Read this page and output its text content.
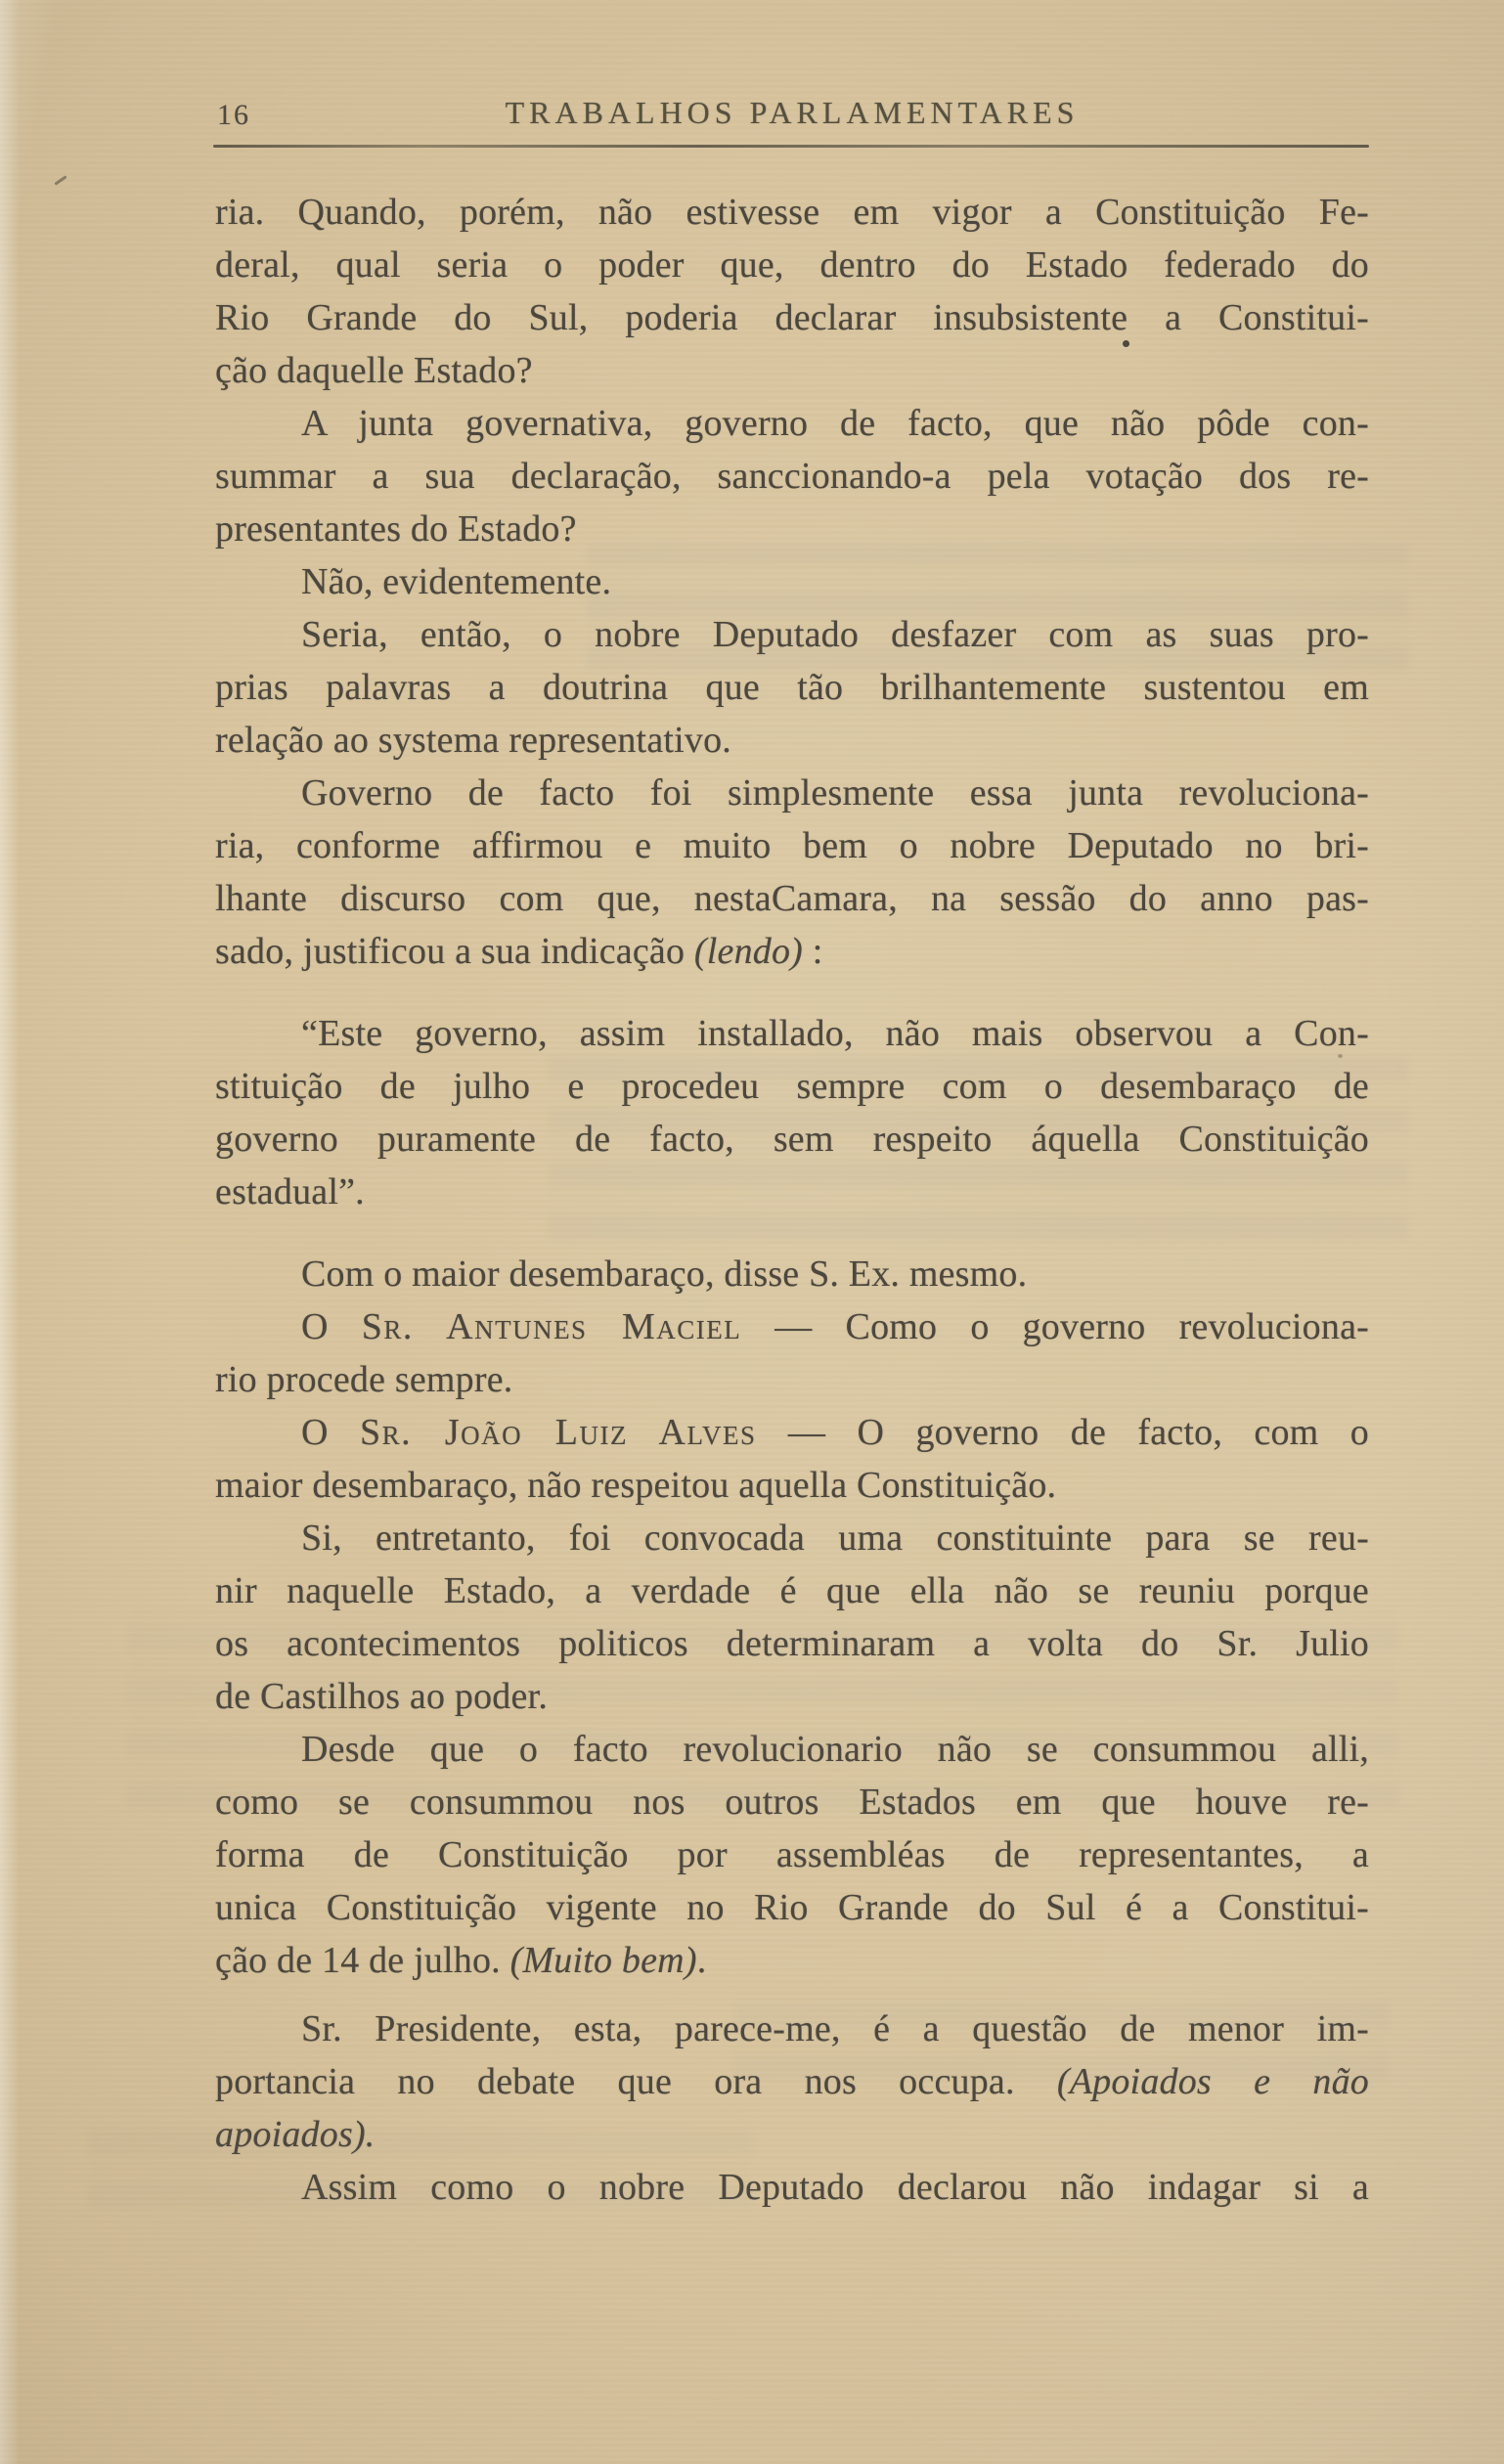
16	TRABALHOS PARLAMENTARES
ria. Quando, porém, não estivesse em vigor a Constituição Fe-
deral, qual seria o poder que, dentro do Estado federado do
Rio Grande do Sul, poderia declarar insubsistente a Constitui-
ção daquelle Estado?
A junta governativa, governo de facto, que não pôde con-
summar a sua declaração, sanccionando-a pela votação dos re-
presentantes do Estado?
Não, evidentemente.
Seria, então, o nobre Deputado desfazer com as suas pro-
prias palavras a doutrina que tão brilhantemente sustentou em
relação ao systema representativo.
Governo de facto foi simplesmente essa junta revoluciona-
ria, conforme affirmou e muito bem o nobre Deputado no bri-
lhante discurso com que, nestaCamara, na sessão do anno pas-
sado, justificou a sua indicação (lendo) :
“Este governo, assim installado, não mais observou a Con-
stituição de julho e procedeu sempre com o desembaraço de
governo puramente de facto, sem respeito áquella Constituição
estadual”.
Com o maior desembaraço, disse S. Ex. mesmo.
O Sr. Antunes Maciel — Como o governo revoluciona-
rio procede sempre.
O Sr. João Luiz Alves — O governo de facto, com o
maior desembaraço, não respeitou aquella Constituição.
Si, entretanto, foi convocada uma constituinte para se reu-
nir naquelle Estado, a verdade é que ella não se reuniu porque
os acontecimentos politicos determinaram a volta do Sr. Julio
de Castilhos ao poder.
Desde que o facto revolucionario não se consummou alli,
como se consummou nos outros Estados em que houve re-
forma de Constituição por assembléas de representantes, a
unica Constituição vigente no Rio Grande do Sul é a Constitui-
ção de 14 de julho. (Muito bem).
Sr. Presidente, esta, parece-me, é a questão de menor im-
portancia no debate que ora nos occupa. (Apoiados e não
apoiados).
Assim como o nobre Deputado declarou não indagar si a
